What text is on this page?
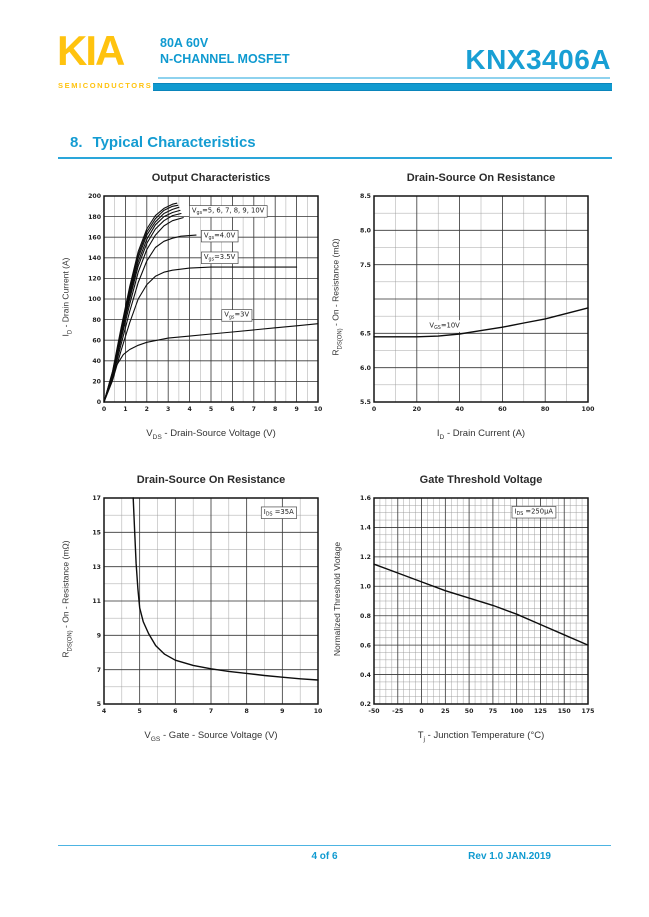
KIA
SEMICONDUCTORS
80A 60V
N-CHANNEL MOSFET	KNX3406A
8. Typical Characteristics
Output Characteristics
$I_D$ - Drain Current (A)
0	1	2	3	4	5	6	7	8	9 10
0
20
40
60
80
100
120
140
160
180
200
$V_{gs}=5$, 6, 7, 8, 9, 10V
$V_{gs}=4.0V$
$V_{gs}=3.5V$
$V_{gs}=3V$
$V_{DS}$ - Drain-Source Voltage (V)
Drain-Source On Resistance
$R_{DS(ON)}$ - On - Resistance (mΩ)
0	20	40	60	80	100
8.5
8.0
7.5
6.5
6.0
5.5
$V_{GS}=10V$
$I_D$ - Drain Current (A)
Drain-Source On Resistance
$R_{DS(ON)}$ - On - Resistance (mΩ)
4	5	6	7	8	9	10
5
7
9
11
13
15
17
$I_{DS} =35A$
$V_{GS}$ - Gate - Source Voltage (V)
Gate Threshold Voltage
Normalized Threshold Vlotage
-50 -25	0	25 50 75 100 125 150 175
0.2
0.4
0.6
0.8
1.0
1.2
1.4
1.6
$I_{DS} =250\mu A$
$T_j$ - Junction Temperature (°C)
4 of 6	Rev 1.0 JAN.2019
